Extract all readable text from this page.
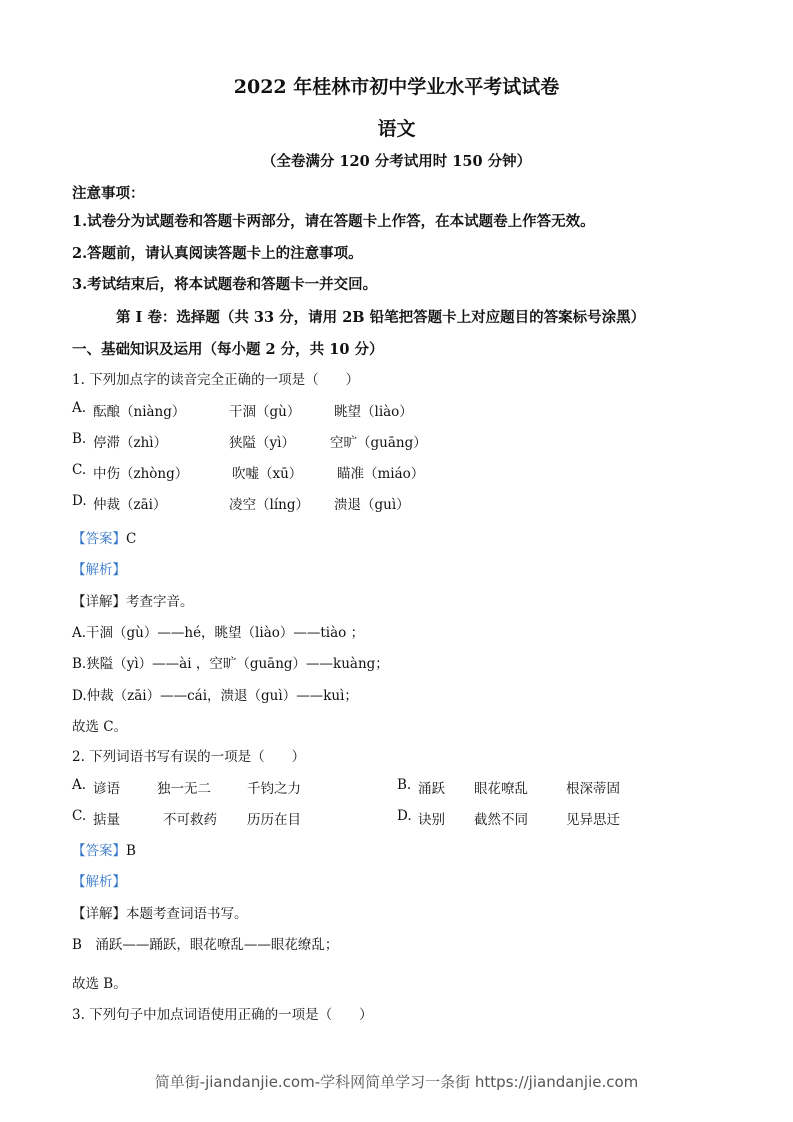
2022 年桂林市初中学业水平考试试卷
语文
（全卷满分 120 分考试用时 150 分钟）
注意事项：
1.试卷分为试题卷和答题卡两部分，请在答题卡上作答，在本试题卷上作答无效。
2.答题前，请认真阅读答题卡上的注意事项。
3.考试结束后，将本试题卷和答题卡一并交回。
第 Ⅰ 卷：选择题（共 33 分，请用 2B 铅笔把答题卡上对应题目的答案标号涂黑）
一、基础知识及运用（每小题 2 分，共 10 分）
1. 下列加点字的读音完全正确的一项是（　　）
A. 酝酿（niàng）	干涸（gù） 眺望（liào）
B. 停滞（zhì）	狭隘（yì）	空旷（guāng）
C. 中伤（zhòng）	吹嘘（xū）	瞄准（miáo）
D. 仲裁（zāi）	凌空（líng） 溃退（guì）
【答案】C
【解析】
【详解】考查字音。
A.干涸（gù）——hé，眺望（liào）——tiào ；
B.狭隘（yì）——ài ，空旷（guāng）——kuàng；
D.仲裁（zāi）——cái，溃退（guì）——kuì；
故选 C。
2. 下列词语书写有误的一项是（　　）
A. 谚语	独一无二	千钧之力	B. 涌跃 眼花嘹乱	根深蒂固
C. 掂量	不可救药 历历在目	D. 诀别 截然不同	见异思迁
【答案】B
【解析】
【详解】本题考查词语书写。
B　涌跃——踊跃，眼花嘹乱——眼花缭乱；
故选 B。
3. 下列句子中加点词语使用正确的一项是（　　）
简单街-jiandanjie.com-学科网简单学习一条街 https://jiandanjie.com
